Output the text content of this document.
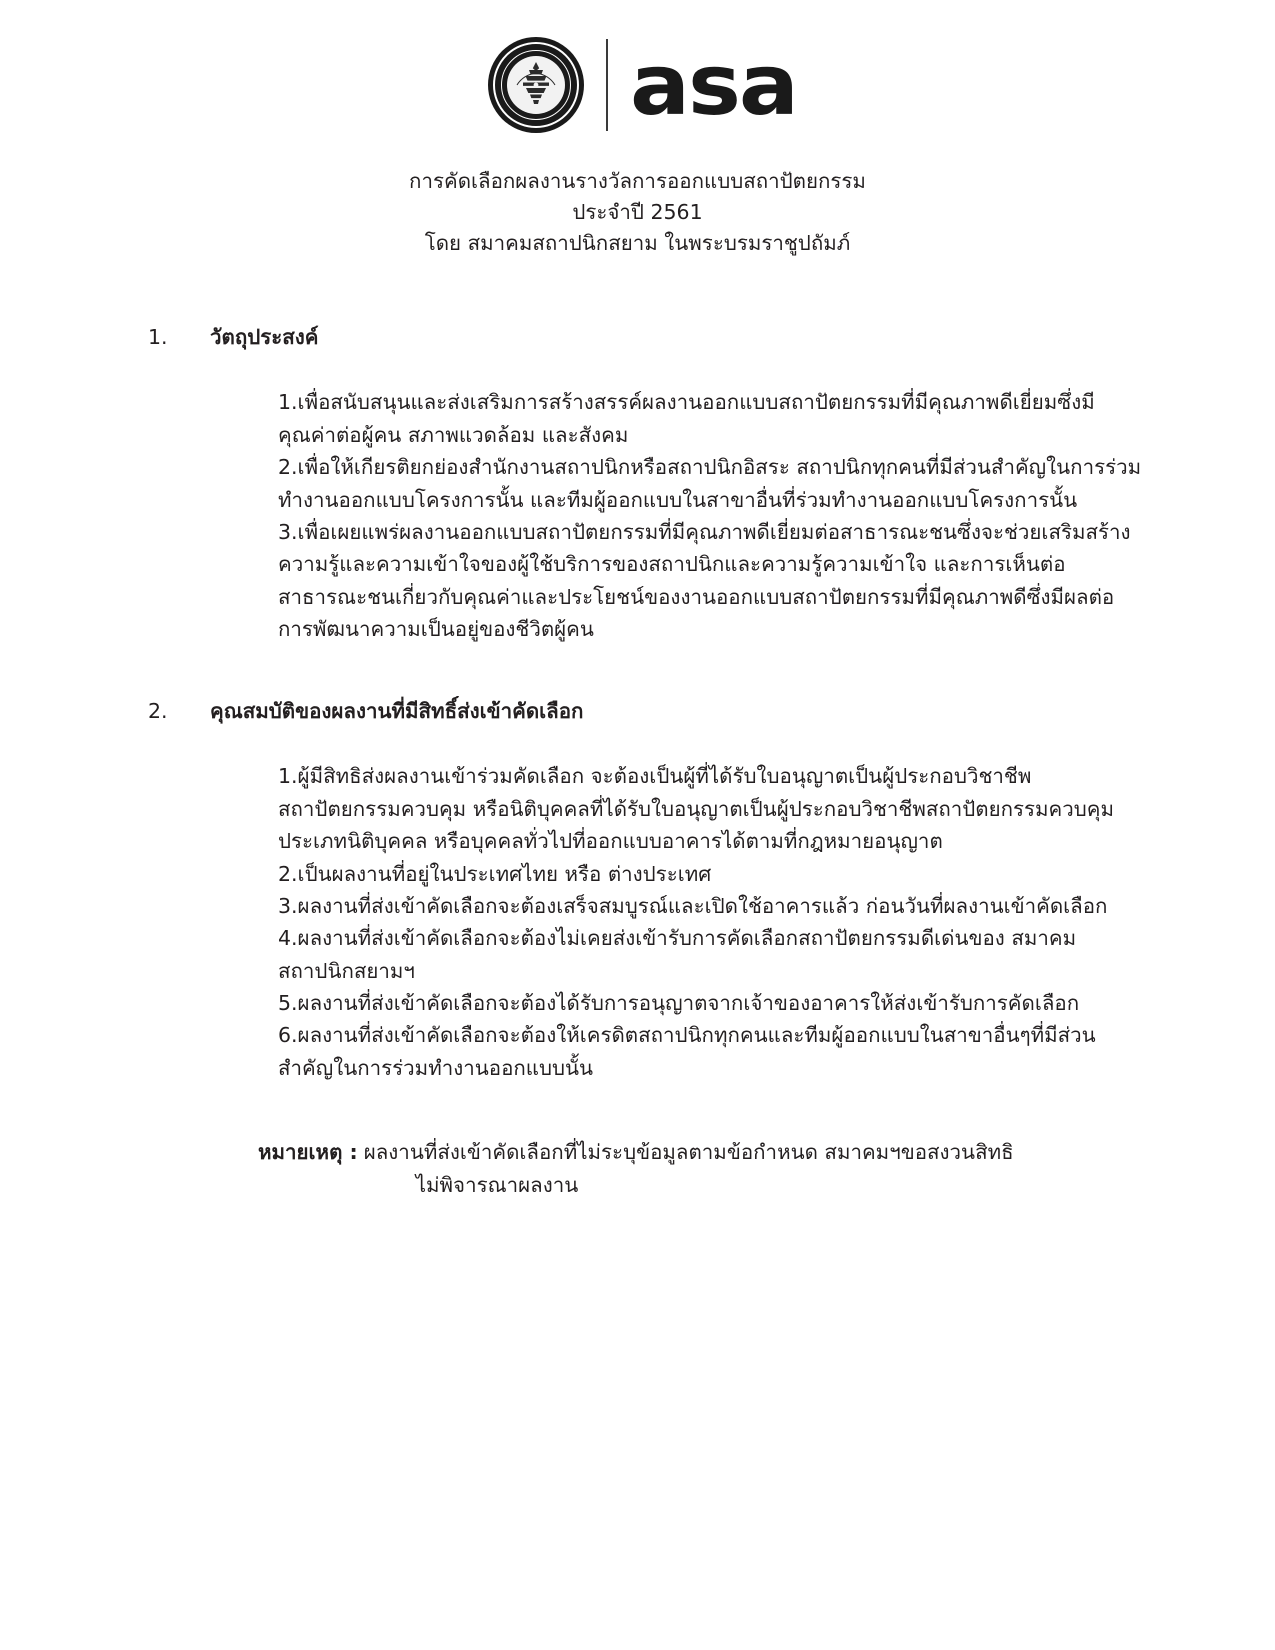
asa
การคัดเลือกผลงานรางวัลการออกแบบสถาปัตยกรรม
ประจำปี 2561
โดย สมาคมสถาปนิกสยาม ในพระบรมราชูปถัมภ์
1.	วัตถุประสงค์

1.เพื่อสนับสนุนและส่งเสริมการสร้างสรรค์ผลงานออกแบบสถาปัตยกรรมที่มีคุณภาพดีเยี่ยมซึ่งมีคุณค่าต่อผู้คน สภาพแวดล้อม และสังคม

2.เพื่อให้เกียรติยกย่องสำนักงานสถาปนิกหรือสถาปนิกอิสระ สถาปนิกทุกคนที่มีส่วนสำคัญในการร่วมทำงานออกแบบโครงการนั้น และทีมผู้ออกแบบในสาขาอื่นที่ร่วมทำงานออกแบบโครงการนั้น

3.เพื่อเผยแพร่ผลงานออกแบบสถาปัตยกรรมที่มีคุณภาพดีเยี่ยมต่อสาธารณะชนซึ่งจะช่วยเสริมสร้างความรู้และความเข้าใจของผู้ใช้บริการของสถาปนิกและความรู้ความเข้าใจ และการเห็นต่อสาธารณะชนเกี่ยวกับคุณค่าและประโยชน์ของงานออกแบบสถาปัตยกรรมที่มีคุณภาพดีซึ่งมีผลต่อการพัฒนาความเป็นอยู่ของชีวิตผู้คน

2.	คุณสมบัติของผลงานที่มีสิทธิ์ส่งเข้าคัดเลือก

1.ผู้มีสิทธิส่งผลงานเข้าร่วมคัดเลือก จะต้องเป็นผู้ที่ได้รับใบอนุญาตเป็นผู้ประกอบวิชาชีพสถาปัตยกรรมควบคุม หรือนิติบุคคลที่ได้รับใบอนุญาตเป็นผู้ประกอบวิชาชีพสถาปัตยกรรมควบคุมประเภทนิติบุคคล หรือบุคคลทั่วไปที่ออกแบบอาคารได้ตามที่กฎหมายอนุญาต

2.เป็นผลงานที่อยู่ในประเทศไทย หรือ ต่างประเทศ

3.ผลงานที่ส่งเข้าคัดเลือกจะต้องเสร็จสมบูรณ์และเปิดใช้อาคารแล้ว ก่อนวันที่ผลงานเข้าคัดเลือก

4.ผลงานที่ส่งเข้าคัดเลือกจะต้องไม่เคยส่งเข้ารับการคัดเลือกสถาปัตยกรรมดีเด่นของ สมาคมสถาปนิกสยามฯ

5.ผลงานที่ส่งเข้าคัดเลือกจะต้องได้รับการอนุญาตจากเจ้าของอาคารให้ส่งเข้ารับการคัดเลือก

6.ผลงานที่ส่งเข้าคัดเลือกจะต้องให้เครดิตสถาปนิกทุกคนและทีมผู้ออกแบบในสาขาอื่นๆที่มีส่วน สำคัญในการร่วมทำงานออกแบบนั้น

หมายเหตุ : ผลงานที่ส่งเข้าคัดเลือกที่ไม่ระบุข้อมูลตามข้อกำหนด สมาคมฯขอสงวนสิทธิ

ไม่พิจารณาผลงาน
